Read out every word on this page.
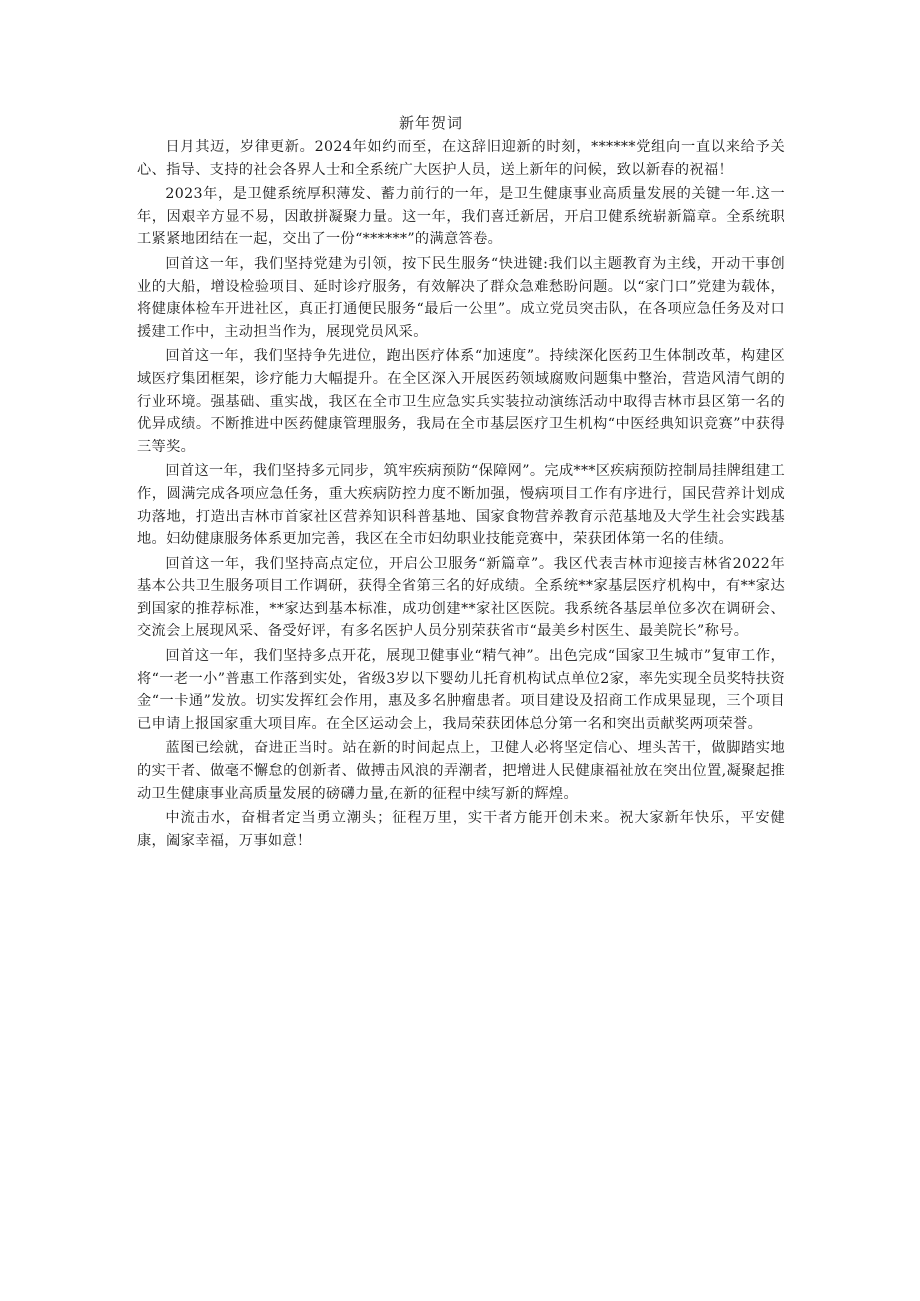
新年贺词

日月其迈，岁律更新。2024年如约而至，在这辞旧迎新的时刻，******党组向一直以来给予关心、指导、支持的社会各界人士和全系统广大医护人员，送上新年的问候，致以新春的祝福！

2023年，是卫健系统厚积薄发、蓄力前行的一年，是卫生健康事业高质量发展的关键一年.这一年，因艰辛方显不易，因敢拼凝聚力量。这一年，我们喜迁新居，开启卫健系统崭新篇章。全系统职工紧紧地团结在一起，交出了一份“******”的满意答卷。

回首这一年，我们坚持党建为引领，按下民生服务“快进键:我们以主题教育为主线，开动干事创业的大船，增设检验项目、延时诊疗服务，有效解决了群众急难愁盼问题。以“家门口”党建为载体，将健康体检车开进社区，真正打通便民服务“最后一公里”。成立党员突击队，在各项应急任务及对口援建工作中，主动担当作为，展现党员风采。

回首这一年，我们坚持争先进位，跑出医疗体系“加速度”。持续深化医药卫生体制改革，构建区域医疗集团框架，诊疗能力大幅提升。在全区深入开展医药领域腐败问题集中整治，营造风清气朗的行业环境。强基础、重实战，我区在全市卫生应急实兵实装拉动演练活动中取得吉林市县区第一名的优异成绩。不断推进中医药健康管理服务，我局在全市基层医疗卫生机构“中医经典知识竞赛”中获得三等奖。

回首这一年，我们坚持多元同步，筑牢疾病预防“保障网”。完成***区疾病预防控制局挂牌组建工作，圆满完成各项应急任务，重大疾病防控力度不断加强，慢病项目工作有序进行，国民营养计划成功落地，打造出吉林市首家社区营养知识科普基地、国家食物营养教育示范基地及大学生社会实践基地。妇幼健康服务体系更加完善，我区在全市妇幼职业技能竞赛中，荣获团体第一名的佳绩。

回首这一年，我们坚持高点定位，开启公卫服务“新篇章”。我区代表吉林市迎接吉林省2022年基本公共卫生服务项目工作调研，获得全省第三名的好成绩。全系统**家基层医疗机构中，有**家达到国家的推荐标准，**家达到基本标准，成功创建**家社区医院。我系统各基层单位多次在调研会、交流会上展现风采、备受好评，有多名医护人员分别荣获省市“最美乡村医生、最美院长”称号。

回首这一年，我们坚持多点开花，展现卫健事业“精气神”。出色完成“国家卫生城市”复审工作，将“一老一小”普惠工作落到实处，省级3岁以下婴幼儿托育机构试点单位2家，率先实现全员奖特扶资金“一卡通”发放。切实发挥红会作用，惠及多名肿瘤患者。项目建设及招商工作成果显现，三个项目已申请上报国家重大项目库。在全区运动会上，我局荣获团体总分第一名和突出贡献奖两项荣誉。

蓝图已绘就，奋进正当时。站在新的时间起点上，卫健人必将坚定信心、埋头苦干，做脚踏实地的实干者、做毫不懈怠的创新者、做搏击风浪的弄潮者，把增进人民健康福祉放在突出位置,凝聚起推动卫生健康事业高质量发展的磅礴力量,在新的征程中续写新的辉煌。

中流击水，奋楫者定当勇立潮头；征程万里，实干者方能开创未来。祝大家新年快乐，平安健康，阖家幸福，万事如意！
